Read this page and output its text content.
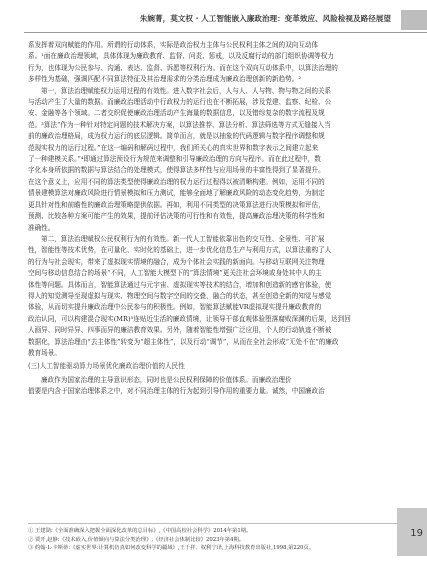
朱婉菁，莫文权 · 人工智能嵌入廉政治理：变革效应、风险检视及路径展望

系发挥着双向赋能的作用。所谓的行动体系，实际是政治权力主体与公民权利主体之间的双向互动体
系。¹面在廉政治理领域，具体体现为廉政教育、监督、问责、惩戒，以及反腐行动的部门组织协调等权力
行为，也体现为公民参与、沟通、表达、监督、诉愿等权利行为。而在这个双向互动体系中，以算法治理的
多样性为基础，强调匹配不同算法特征及其治理需求的分类治理成为廉政治理创新的新趋势。²

第一，算法治理赋能权力运用过程的有效性。进入数字社会后，人与人、人与物、物与物之间的关系
与活动产生了大量的数据。而廉政治理活动中行政权力的运行也在不断拓展，涉及党建、监察、纪检、公
安、金融等各个领域。二者交织促使廉政治理活动产生海量的数据信息，以及错综复杂的数字流程及规
范。³算法“作为一种针对特定问题的技术解决方案，以算法推荐、算法分析、算法筛选等方式无缝接入当
前的廉政治理格局，成为权力运行的底层逻辑。简单而言，就是以抽象的代码逻辑与数字程序调整和规
范现实权力的运行过程。”在这一编码和解码过程中，我们所关心的真实世界和数字表示之间建立起来
了一种建模关系。”⁴即通过算法预设行为规范来调整和引导廉政治理的方向与程序。而在此过程中，数
字化本身所依据的数据与算法结合的处理模式，使得算法多样性与应用场景的丰富性得到了显著提升。
在这个意义上，应用不同的算法类型使得廉政治理的权力运行过程得以被清晰构建。例如，运用不同的
情景建模算法对廉政风险进行情景模拟和压力测试，能够全面地了解廉政风险的动态变化趋势，为制定
更具针对性和前瞻性的廉政治理策略提供依据。再如，利用不同类型的决策算法进行决策模拟和评估，
预测、比较各种方案可能产生的效果，提前评估决策的可行性和有效性，提高廉政治理决策的科学性和
准确性。

第二，算法治理赋权公民权利行为的有效性。新一代人工智能依靠出色的交互性、全景性、可扩展
性，智能性等技术优势，在可量化、实时化的基础上，进一步优化信息生产与利用方式，以算法重构了人
的行为与社会现实，带来了虚拟现实情境的融合，成为个体社会实践的新面向。与移动互联网关注物理
空间与移动信息结合的场景“不同，人工智能大模型下的“算法情境”更关注社会环境或身处其中人的主
体性等问题。具体而言，智能算法通过与元宇宙、虚拟现实等技术的结合，增加和创造新的感官体验，使
得人的知觉测导至现虚拟与现实、物理空间与数字空间的交叠，融合的状态，甚至创造全新的知觉与感觉
体验，从而切实提升廉政治理中公民参与的积极性。例如，智能算法赋能VR虚拟现实提升廉政教育的
政治认同，可以构建混合现实(MR)⁵连贴近生活的廉政情境，让领导干部直观体验堕落腐败深渊的后果，达到回
人画异、同时异异、四事而异的廉洁教育效果。另外，随着智能性增强广泛应用，个人的行动轨迹不断被
数据化，算法治理由“去主体性”转变为“超主体性”，以及行动“调节”，从而在全社会形成“无处不在”的廉政
教育场景。

(三)人工智能驱动算力场景优化廉政治理价值的人民性

廉政作为国家治理的主导意识形态，同时也是公民权利保障的价值体系。而廉政治理价
值要是内含于国家治理体系之中，对不同治理主体的行为起到引导作用的重要力量。诚然，中国廉政治

① 王建勋:《全面准确深入把握全面深化改革的总目标》,《中国高校社会科学》2014年第1期。
② 贾开,赵静:《技术嵌入,价值倾向与算法分类治理》,《经济社会体制比较》2023年第4期。
③ 约翰·L·卡斯蒂:《虚实世界:计算机仿真如何改变科学的疆域》,王千祥、权利宁译,上海科技教育出版社,1998,第220页。
19
